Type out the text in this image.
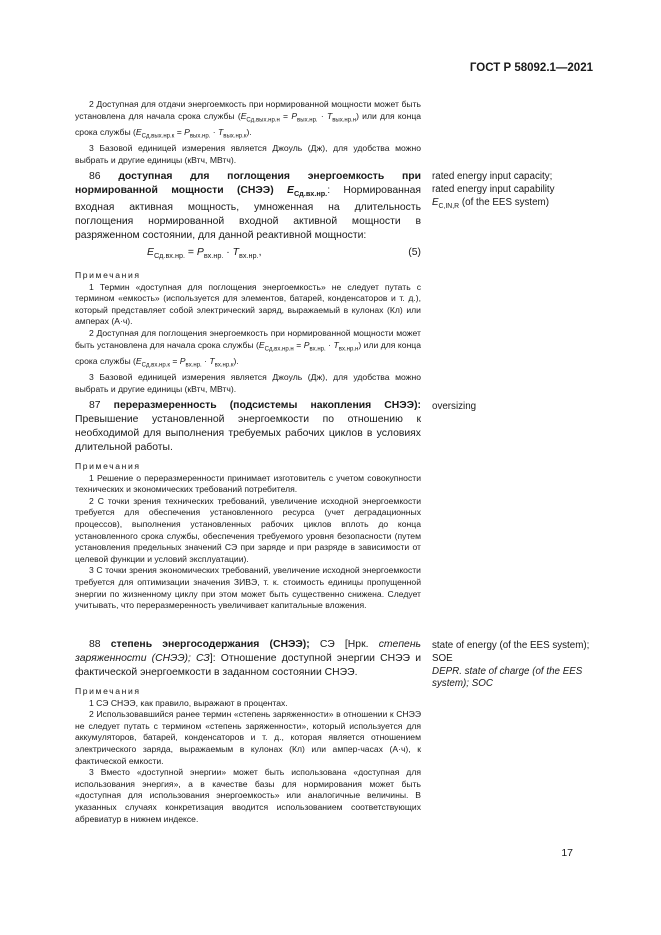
ГОСТ Р 58092.1—2021

2 Доступная для отдачи энергоемкость при нормированной мощности может быть установлена для начала срока службы $(E_{Сд.вых.нр.н} = P_{вых.нр.} \cdot T_{вых.нр.н})$ или для конца срока службы $(E_{Сд.вых.нр.к} = P_{вых.нр.} \cdot T_{вых.нр.к})$.

3 Базовой единицей измерения является Джоуль (Дж), для удобства можно выбрать и другие единицы (кВтч, МВтч).

86 доступная для поглощения энергоемкость при нормированной мощности (СНЭЭ) $E_{Сд.вх.нр.}$: Нормированная входная активная мощность, умноженная на длительность поглощения нормированной входной активной мощности в разряженном состоянии, для данной реактивной мощности:

rated energy input capacity;

rated energy input capability

$E_{C,IN,R}$ (of the EES system)

$E_{Сд.вх.нр.} = P_{вх.нр.} \cdot T_{вх.нр.}$,	(5)

Примечания

1 Термин «доступная для поглощения энергоемкость» не следует путать с термином «емкость» (используется для элементов, батарей, конденсаторов и т. д.), который представляет собой электрический заряд, выражаемый в кулонах (Кл) или амперах (А·ч).

2 Доступная для поглощения энергоемкость при нормированной мощности может быть установлена для начала срока службы $(E_{Сд.вх.нр.н} = P_{вх.нр.} \cdot T_{вх.нр.н})$ или для конца срока службы $(E_{Сд.вх.нр.к} = P_{вх.нр.} \cdot T_{вх.нр.к})$.

3 Базовой единицей измерения является Джоуль (Дж), для удобства можно выбрать и другие единицы (кВтч, МВтч).

87 переразмеренность (подсистемы накопления СНЭЭ): Превышение установленной энергоемкости по отношению к необходимой для выполнения требуемых рабочих циклов в условиях длительной работы.

oversizing

Примечания

1 Решение о переразмеренности принимает изготовитель с учетом совокупности технических и экономических требований потребителя.

2 С точки зрения технических требований, увеличение исходной энергоемкости требуется для обеспечения установленного ресурса (учет деградационных процессов), выполнения установленных рабочих циклов вплоть до конца установленного срока службы, обеспечения требуемого уровня безопасности (путем установления предельных значений СЭ при заряде и при разряде в зависимости от целевой функции и условий эксплуатации).

3 С точки зрения экономических требований, увеличение исходной энергоемкости требуется для оптимизации значения ЗИВЭ, т. к. стоимость единицы пропущенной энергии по жизненному циклу при этом может быть существенно снижена. Следует учитывать, что переразмеренность увеличивает капитальные вложения.

88 степень энергосодержания (СНЭЭ); СЭ [Нрк. степень заряженности (СНЭЭ); СЗ]: Отношение доступной энергии СНЭЭ и фактической энергоемкости в заданном состоянии СНЭЭ.

state of energy (of the EES system); SOE

DEPR. state of charge (of the EES system); SOC

Примечания

1 СЭ СНЭЭ, как правило, выражают в процентах.

2 Использовавшийся ранее термин «степень заряженности» в отношении к СНЭЭ не следует путать с термином «степень заряженности», который используется для аккумуляторов, батарей, конденсаторов и т. д., которая является отношением электрического заряда, выражаемым в кулонах (Кл) или ампер-часах (А·ч), к фактической емкости.

3 Вместо «доступной энергии» может быть использована «доступная для использования энергия», а в качестве базы для нормирования может быть «доступная для использования энергоемкость» или аналогичные величины. В указанных случаях конкретизация вводится использованием соответствующих абревиатур в нижнем индексе.

17
